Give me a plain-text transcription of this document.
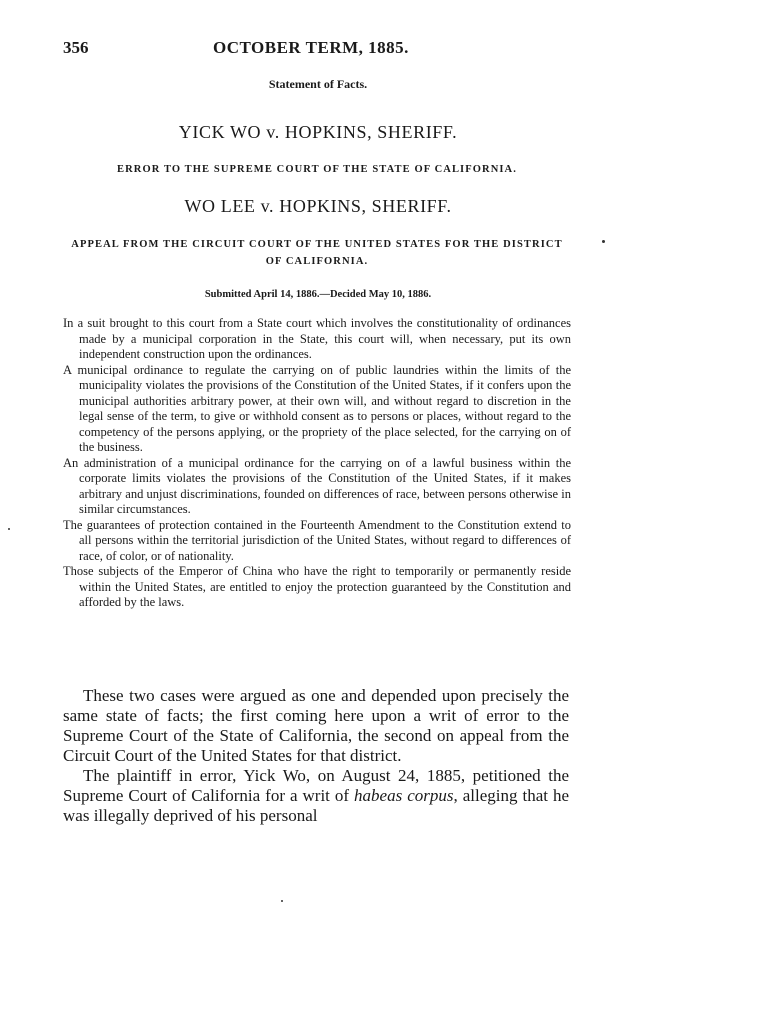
356	OCTOBER TERM, 1885.
Statement of Facts.
YICK WO v. HOPKINS, SHERIFF.
ERROR TO THE SUPREME COURT OF THE STATE OF CALIFORNIA.
WO LEE v. HOPKINS, SHERIFF.
APPEAL FROM THE CIRCUIT COURT OF THE UNITED STATES FOR THE DISTRICT OF CALIFORNIA.
Submitted April 14, 1886.—Decided May 10, 1886.

In a suit brought to this court from a State court which involves the constitutionality of ordinances made by a municipal corporation in the State, this court will, when necessary, put its own independent construction upon the ordinances.

A municipal ordinance to regulate the carrying on of public laundries within the limits of the municipality violates the provisions of the Constitution of the United States, if it confers upon the municipal authorities arbitrary power, at their own will, and without regard to discretion in the legal sense of the term, to give or withhold consent as to persons or places, without regard to the competency of the persons applying, or the propriety of the place selected, for the carrying on of the business.

An administration of a municipal ordinance for the carrying on of a lawful business within the corporate limits violates the provisions of the Constitution of the United States, if it makes arbitrary and unjust discriminations, founded on differences of race, between persons otherwise in similar circumstances.

The guarantees of protection contained in the Fourteenth Amendment to the Constitution extend to all persons within the territorial jurisdiction of the United States, without regard to differences of race, of color, or of nationality.

Those subjects of the Emperor of China who have the right to temporarily or permanently reside within the United States, are entitled to enjoy the protection guaranteed by the Constitution and afforded by the laws.

These two cases were argued as one and depended upon precisely the same state of facts; the first coming here upon a writ of error to the Supreme Court of the State of California, the second on appeal from the Circuit Court of the United States for that district.

The plaintiff in error, Yick Wo, on August 24, 1885, petitioned the Supreme Court of California for a writ of habeas corpus, alleging that he was illegally deprived of his personal
